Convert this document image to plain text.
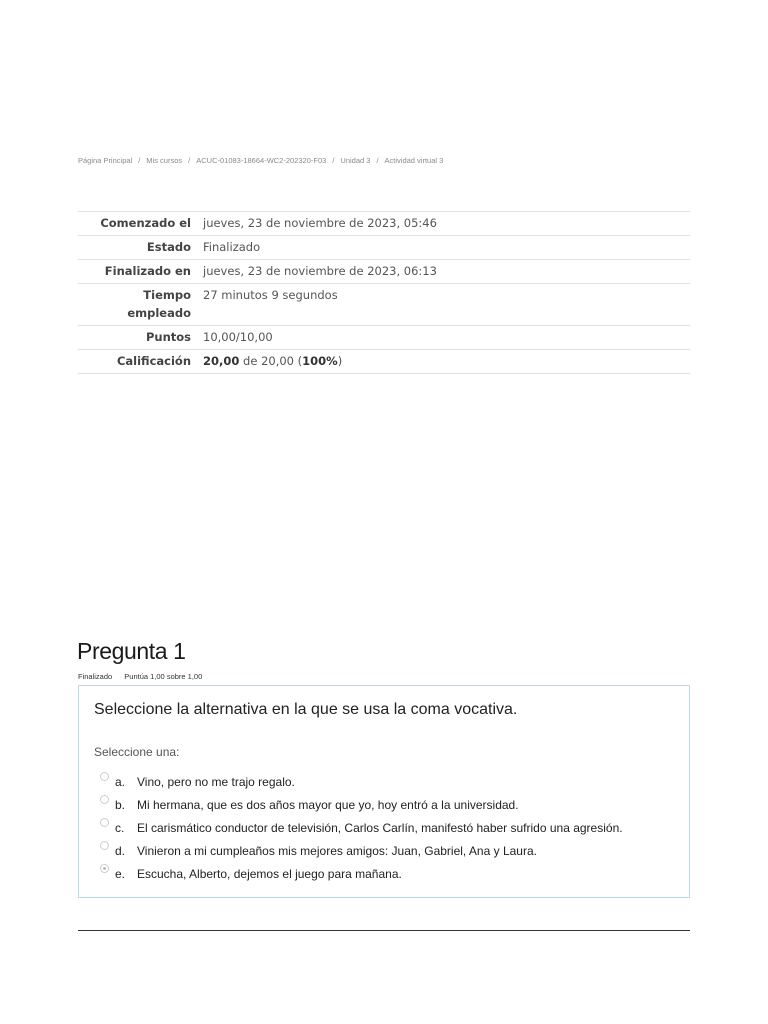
Página Principal / Mis cursos / ACUC-01083-18664-WC2-202320-F03 / Unidad 3 / Actividad virtual 3
Comenzado el	jueves, 23 de noviembre de 2023, 05:46
Estado	Finalizado
Finalizado en	jueves, 23 de noviembre de 2023, 06:13
Tiempo empleado	27 minutos 9 segundos
Puntos	10,00/10,00
Calificación	20,00 de 20,00 (100%)
Pregunta 1
Finalizado Puntúa 1,00 sobre 1,00

Seleccione la alternativa en la que se usa la coma vocativa.

Seleccione una:
a. Vino, pero no me trajo regalo.
b. Mi hermana, que es dos años mayor que yo, hoy entró a la universidad.
c.	El carismático conductor de televisión, Carlos Carlín, manifestó haber sufrido una agresión.
d. Vinieron a mi cumpleaños mis mejores amigos: Juan, Gabriel, Ana y Laura.
e. Escucha, Alberto, dejemos el juego para mañana.
